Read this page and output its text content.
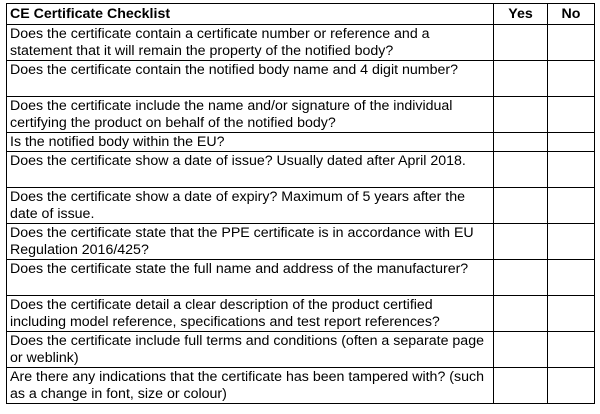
CE Certificate Checklist	Yes	No
Does the certificate contain a certificate number or reference and a statement that it will remain the property of the notified body?		
Does the certificate contain the notified body name and 4 digit number?		
Does the certificate include the name and/or signature of the individual certifying the product on behalf of the notified body?		
Is the notified body within the EU?		
Does the certificate show a date of issue? Usually dated after April 2018.		
Does the certificate show a date of expiry? Maximum of 5 years after the date of issue.		
Does the certificate state that the PPE certificate is in accordance with EU Regulation 2016/425?		
Does the certificate state the full name and address of the manufacturer?		
Does the certificate detail a clear description of the product certified including model reference, specifications and test report references?		
Does the certificate include full terms and conditions (often a separate page or weblink)		
Are there any indications that the certificate has been tampered with? (such as a change in font, size or colour)		
